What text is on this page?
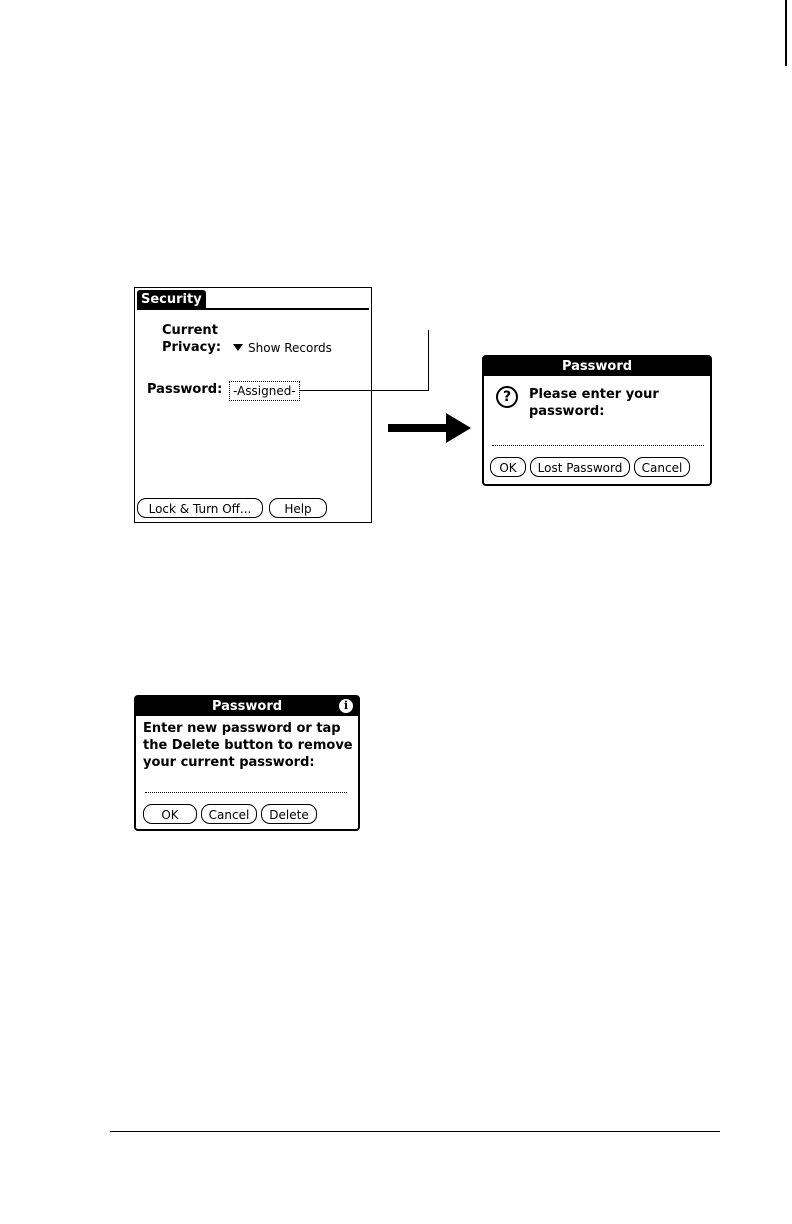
Security
Current
Privacy:	Show Records
Password: -Assigned-
Lock & Turn Off...	Help
Password
?	Please enter your password:
OK	Lost Password	Cancel
Password	i
Enter new password or tap the Delete button to remove your current password:
OK	Cancel	Delete
